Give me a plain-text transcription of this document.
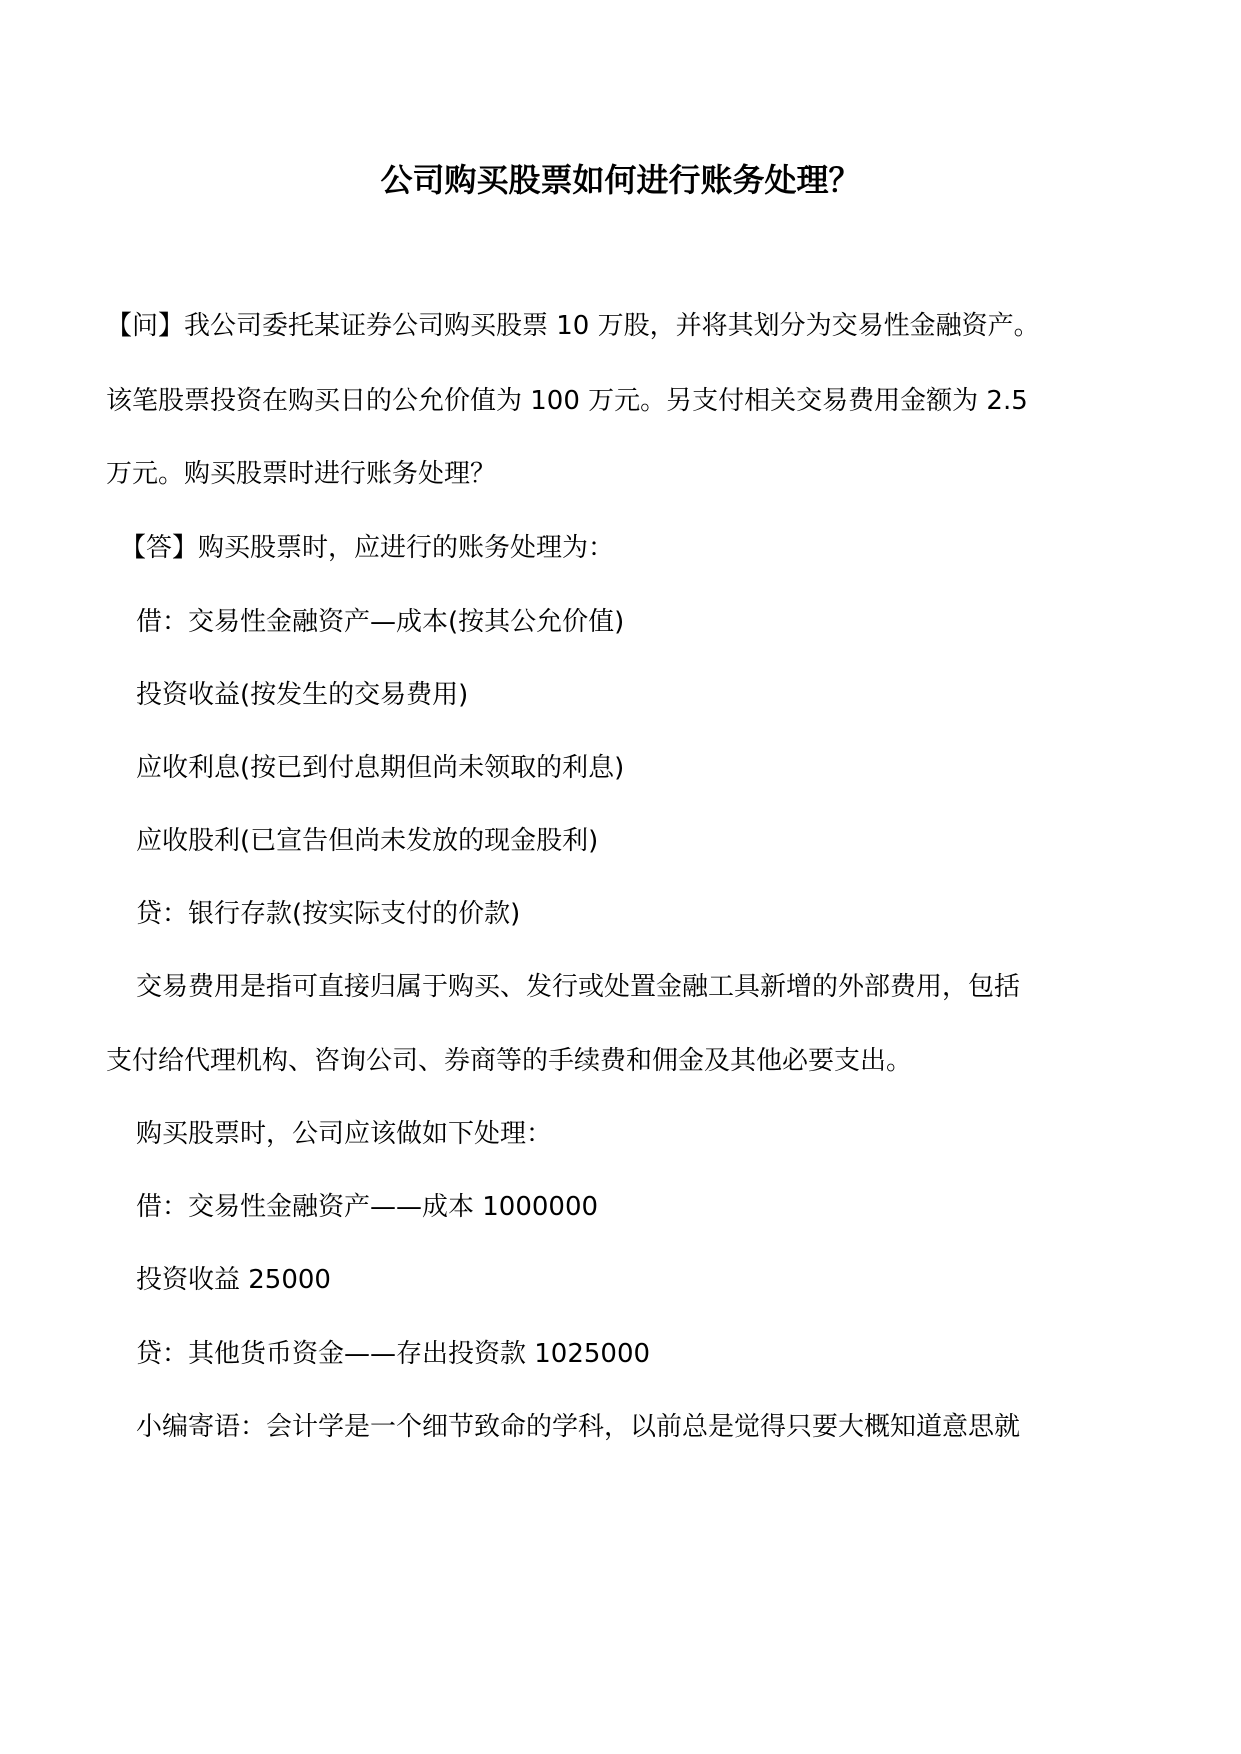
公司购买股票如何进行账务处理？
【问】我公司委托某证券公司购买股票 10 万股，并将其划分为交易性金融资产。
该笔股票投资在购买日的公允价值为 100 万元。另支付相关交易费用金额为 2.5
万元。购买股票时进行账务处理？
【答】购买股票时，应进行的账务处理为：
借：交易性金融资产—成本(按其公允价值)
投资收益(按发生的交易费用)
应收利息(按已到付息期但尚未领取的利息)
应收股利(已宣告但尚未发放的现金股利)
贷：银行存款(按实际支付的价款)
交易费用是指可直接归属于购买、发行或处置金融工具新增的外部费用，包括
支付给代理机构、咨询公司、券商等的手续费和佣金及其他必要支出。
购买股票时，公司应该做如下处理：
借：交易性金融资产——成本 1000000
投资收益 25000
贷：其他货币资金——存出投资款 1025000
小编寄语：会计学是一个细节致命的学科，以前总是觉得只要大概知道意思就
